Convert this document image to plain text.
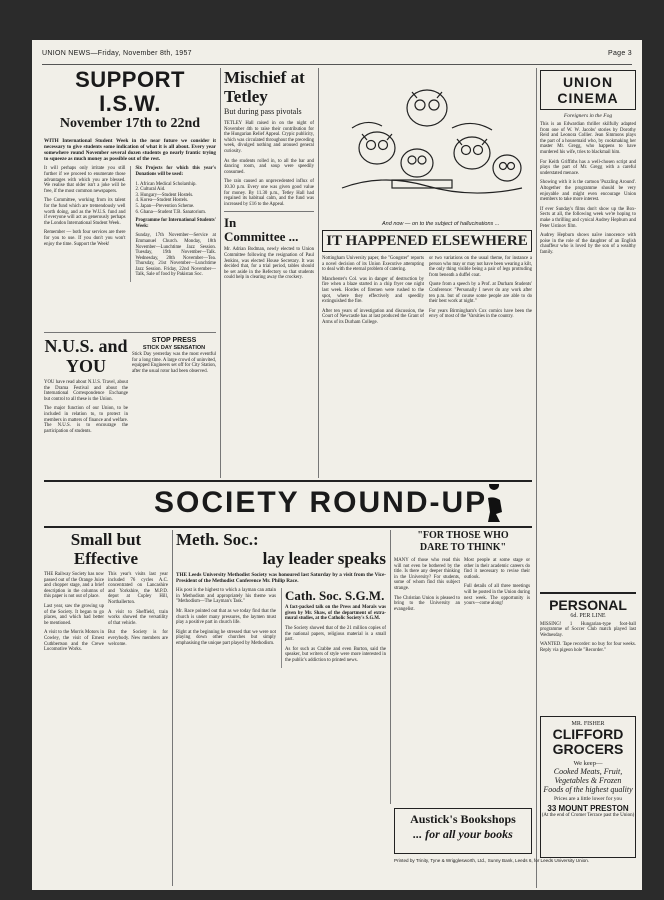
UNION NEWS—Friday, November 8th, 1957	Page 3
SUPPORT I.S.W.
November 17th to 22nd

WITH International Student Week in the near future we consider it necessary to give students some indication of what it is all about. Every year somewhere round November several dozen students go nearly frantic trying to squeeze as much money as possible out of the rest.

It will perhaps only irritate you still further if we proceed to enumerate those advantages with which you are blessed. We realise that older isn't a joke will be free, if the most common newspapers.

The Committee, working from its talent for the fund which are tremendously well worth doing, and as the W.U.S. fund and if everyone will act as generously perhaps the London International Student Week.

Remember — both four services are there for you to use. If you don't you won't enjoy the time. Support the Week!

Six Projects for which this year's Donations will be used:

1. African Medical Scholarship.

2. Cultural Aid.

3. Hungary—Student Hostels.

4. Korea—Student Hostels.

5. Japan—Prevention Scheme.

6. Ghana—Student T.B. Sanatorium.

Programme for International Students' Week:

Sunday, 17th November—Service at Emmanuel Church. Monday, 18th November—Lunchtime Jazz Session. Tuesday, 19th November—Talk. Wednesday, 20th November—Tea. Thursday, 21st November—Lunchtime Jazz Session. Friday, 22nd November—Talk, Sale of food by Pakistan Soc.

N.U.S. and
YOU

YOU have read about N.U.S. Travel, about the Drama Festival and about the International Correspondence Exchange but control to all these is the Union.

The major function of our Union, to be included in relation to, to protect in members in matters of finance and welfare. The N.U.S. is to encourage the participation of students.

STOP PRESS
STICK DAY SENSATION

Stick Day yesterday was the most eventful for a long time. A large crowd of uninvited, equipped Engineers set off for City Station, after the usual rotor had been observed.

Mischief at
Tetley
But during pass pivotals

TETLEY Hall raised in on the night of November 4th to raise their contribution for the Hungarian Relief Appeal. Crypic publicity, which was circulated throughout the preceding week, divulged nothing and aroused general curiosity.

As the students rolled in, to all the bar and dancing room, and soup were speedily consumed.

The rain caused an unprecedented influx of 10.30 p.m. Every one was given good value for money. By 11.30 p.m., Tetley Hall had regained its habitual calm, and the fund was increased by £16 to the Appeal.

In
Committee ...

Mr. Adrian Bodman, newly elected to Union Committee following the resignation of Paul Jenkins, was elected House Secretary. It was decided that, for a trial period, tables should be set aside in the Refectory so that students could help in clearing away the crockery.

And now — on to the subject of hallucinations ...
IT HAPPENED ELSEWHERE

Nottingham University paper, the "Gongster" reports a novel decision of its Union Executive attempting to deal with the eternal problem of catering.

Manchester's Col. was in danger of destruction by fire when a blaze started in a chip fryer one night last week. Hordes of firemen were rushed to the spot, where they effectively and speedily extinguished the fire.

After ten years of investigation and discussion, the Court of Newcastle has at last produced the Grant of Arms of its Durham College.

or two variations on the usual theme, for instance a person who may or may not have been wearing a kilt, the only thing visible being a pair of legs protruding from beneath a duffel coat.

Quote from a speech by a Prof. at Durham Students' Conference: "Personally I never do any work after ten p.m. but of course some people are able to do their best work at night."

For years Birmingham's Cox comics have been the envy of most of the 'Varsities in the country.

UNION
CINEMA
Foreigners in the Fog

This is an Edwardian thriller skilfully adapted from one of W. W. Jacobs' stories by Dorothy Reid and Leonora Collier. Jean Simmons plays the part of a housemaid who, by cookmaking her master Mr. Gregg, who happens to have murdered his wife, tries to blackmail him.

For Keith Griffiths has a well-chosen script and plays the part of Mr. Gregg with a careful understated menace.

Showing with it is the cartoon 'Puzzling Around'. Altogether the programme should be very enjoyable and might even encourage Union members to take more interest.

If ever Sunday's films don't show up the Box-Sects at all, the following week we're hoping to make a thrilling and cynical Audrey Hepburn and Peter Ustinov film.

Audrey Hepburn shows naïve innocence with poise in the role of the daughter of an English chauffeur who is loved by the son of a wealthy family.

SOCIETY ROUND-UP
Small but
Effective

THE Railway Society has now passed out of the Orange Juice and chopper stage, and a brief description in the columns of this paper is not out of place.

Last year, saw the growing up of the Society. It began to go places, and which had better be mentioned.

A visit to the Morris Motors in Cowley, the visit of Ernest Cuthbertson and the Crewe Locomotive Works.

This year's visits last year included 76 cycles A.C. concentrated on Lancashire and Yorkshire, the M.P.D. depot at Copley Hill, Northallerton.

A visit to Sheffield, train works showed the versatility of that vehicle.

But the Society is for everybody. New members are welcome.

Meth. Soc.:
lay leader speaks

THE Leeds University Methodist Society was honoured last Saturday by a visit from the Vice-President of the Methodist Conference Mr. Philip Race.

His post is the highest to which a layman can attain in Methodism and appropriately his theme was "Methodism—The Layman's Task."

Mr. Race pointed out that as we today find that the church is under many pressures, the laymen must play a positive part in church life.

Right at the beginning he stressed that we were not playing down other churches but simply emphasising the unique part played by Methodism.

Cath. Soc. S.G.M.

A fact-packed talk on the Press and Morals was given by Mr. Shaw, of the department of extra-mural studies, at the Catholic Society's S.G.M.

The Society showed that of the 21 million copies of the national papers, religious material is a small part.

As for such as Crabbe and even Burton, said the speaker, but writers of style were more interested in the public's addiction to printed news.

"FOR THOSE WHO
DARE TO THINK"

MANY of those who read this will not even be bothered by the title. Is there any deeper thinking in the University? For students, some of whom find this subject strange.

The Christian Union is pleased to bring to the University an evangelist.

Most people at some stage or other in their academic careers do find it necessary to revise their outlook.

Full details of all three meetings will be posted in the Union during next week. The opportunity is yours—come along!

Austick's Bookshops
... for all your books
PERSONAL
6d. PER LINE

MISSING! 1 Hungarian-type foot-ball programme of Soccer Club match played last Wednesday.

WANTED. Tape recorder: no buy for four weeks. Reply via pigeon hole "Recorder."

MR. FISHER
CLIFFORD
GROCERS
We keep—
Cooked Meats, Fruit,
Vegetables & Frozen
Foods of the highest quality
Prices are a little lower for you
33 MOUNT PRESTON
(At the end of Cromer Terrace past the Union)
Printed by Trinity, Tyne & Wrigglesworth, Ltd., Sunny Bank, Leeds 6, for Leeds University Union.
